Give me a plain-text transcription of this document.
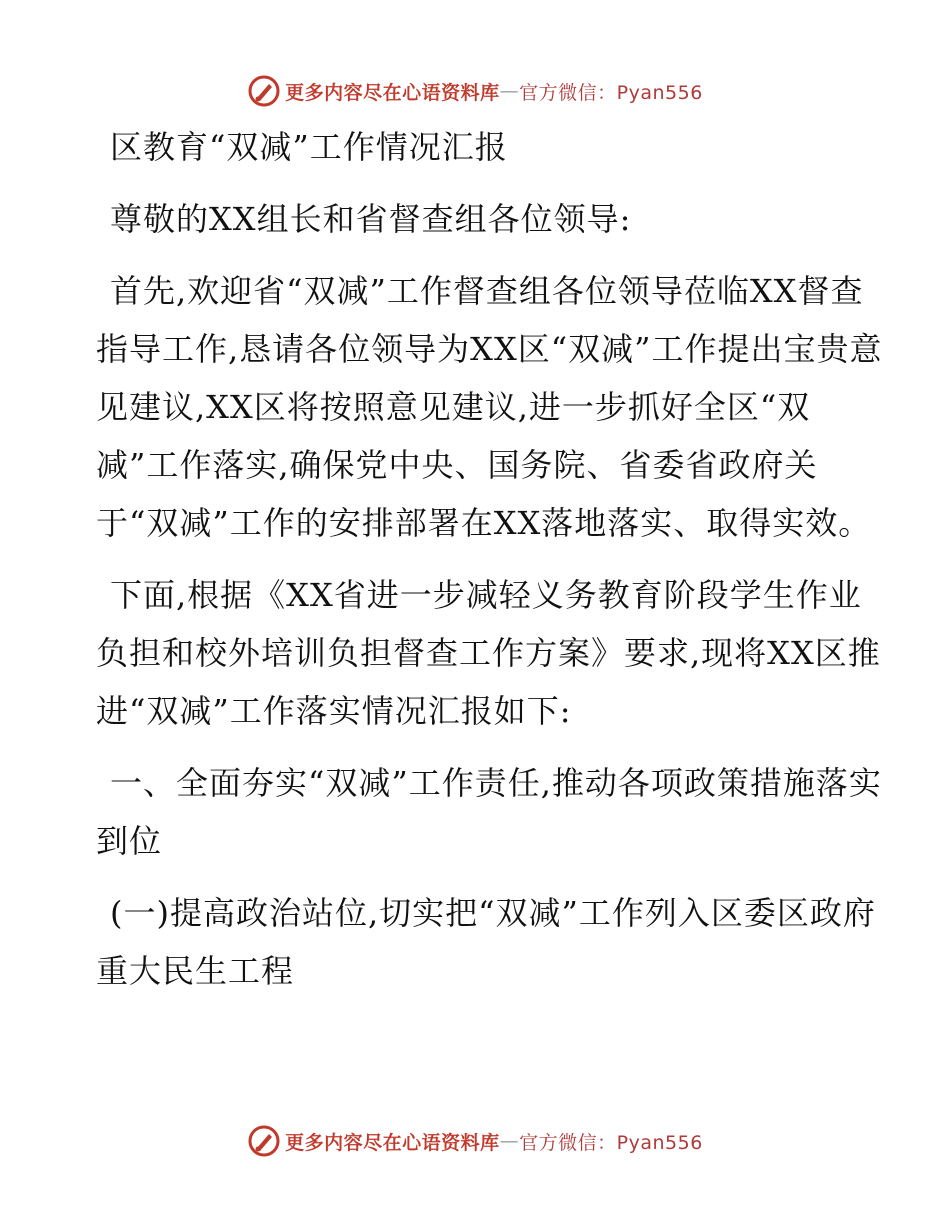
更多内容尽在心语资料库 — 官方微信：Pyan556

区教育“双减”工作情况汇报

尊敬的XX组长和省督查组各位领导:

首先,欢迎省“双减”工作督查组各位领导莅临XX督查指导工作,恳请各位领导为XX区“双减”工作提出宝贵意见建议,XX区将按照意见建议,进一步抓好全区“双减”工作落实,确保党中央、国务院、省委省政府关于“双减”工作的安排部署在XX落地落实、取得实效。

下面,根据《XX省进一步减轻义务教育阶段学生作业负担和校外培训负担督查工作方案》要求,现将XX区推进“双减”工作落实情况汇报如下:

一、全面夯实“双减”工作责任,推动各项政策措施落实到位

(一)提高政治站位,切实把“双减”工作列入区委区政府重大民生工程

更多内容尽在心语资料库 — 官方微信：Pyan556
